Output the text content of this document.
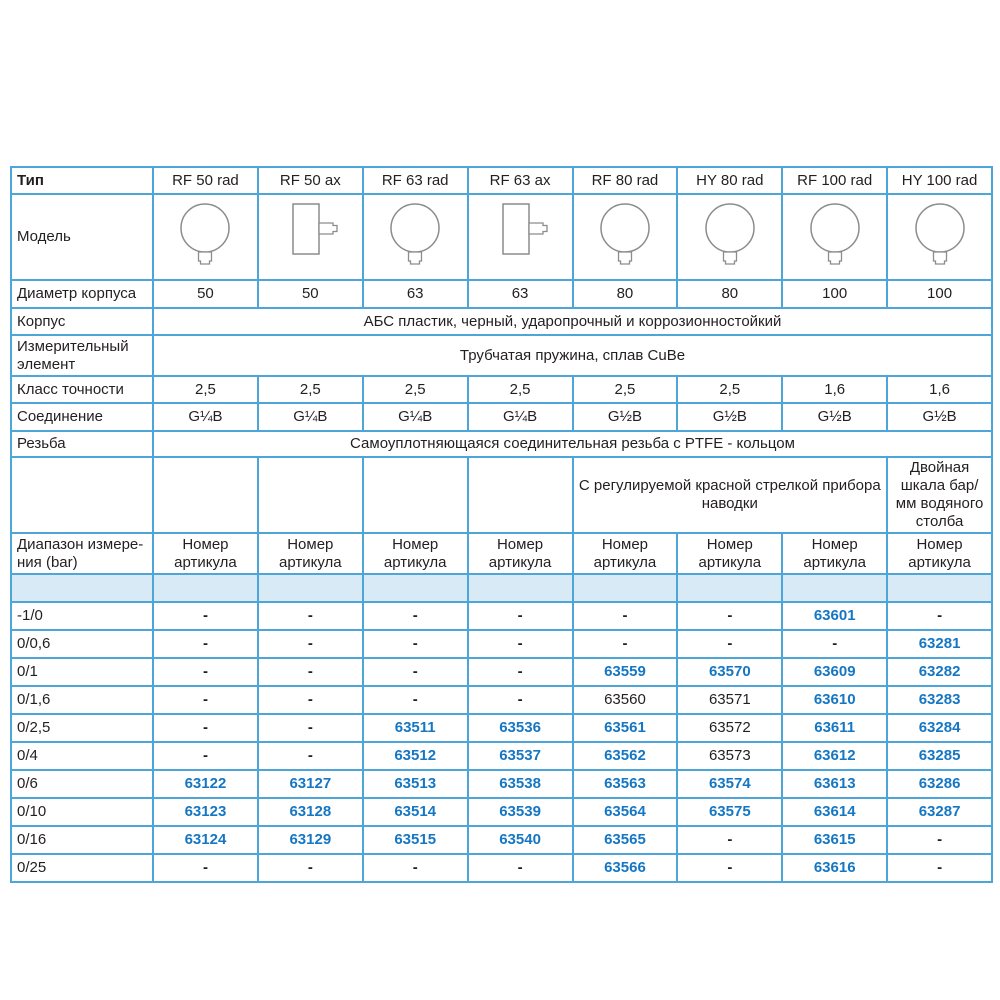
Тип	RF 50 rad	RF 50 ax	RF 63 rad	RF 63 ax	RF 80 rad	HY 80 rad	RF 100 rad	HY 100 rad
Модель	

Диаметр корпуса	50	50	63	63	80	80	100	100
Корпус	АБС пластик, черный, ударопрочный и коррозионностойкий							
Измерительный элемент	Трубчатая пружина, сплав CuBe							
Класс точности	2,5	2,5	2,5	2,5	2,5	2,5	1,6	1,6
Соединение	G¼B	G¼B	G¼B	G¼B	G½B	G½B	G½B	G½B
Резьба	Самоуплотняющаяся соединительная резьба с PTFE - кольцом							
					С регулируемой красной стрелкой прибора наводки			Двойная шкала бар/
мм водяного столба
Диапазон измере-
ния (bar)	Номер артикула	Номер артикула	Номер артикула	Номер артикула	Номер артикула	Номер артикула	Номер артикула	Номер артикула

-1/0	-	-	-	-	-	-	63601	-
0/0,6	-	-	-	-	-	-	-	63281
0/1	-	-	-	-	63559	63570	63609	63282
0/1,6	-	-	-	-	63560	63571	63610	63283
0/2,5	-	-	63511	63536	63561	63572	63611	63284
0/4	-	-	63512	63537	63562	63573	63612	63285
0/6	63122	63127	63513	63538	63563	63574	63613	63286
0/10	63123	63128	63514	63539	63564	63575	63614	63287
0/16	63124	63129	63515	63540	63565	-	63615	-
0/25	-	-	-	-	63566	-	63616	-
